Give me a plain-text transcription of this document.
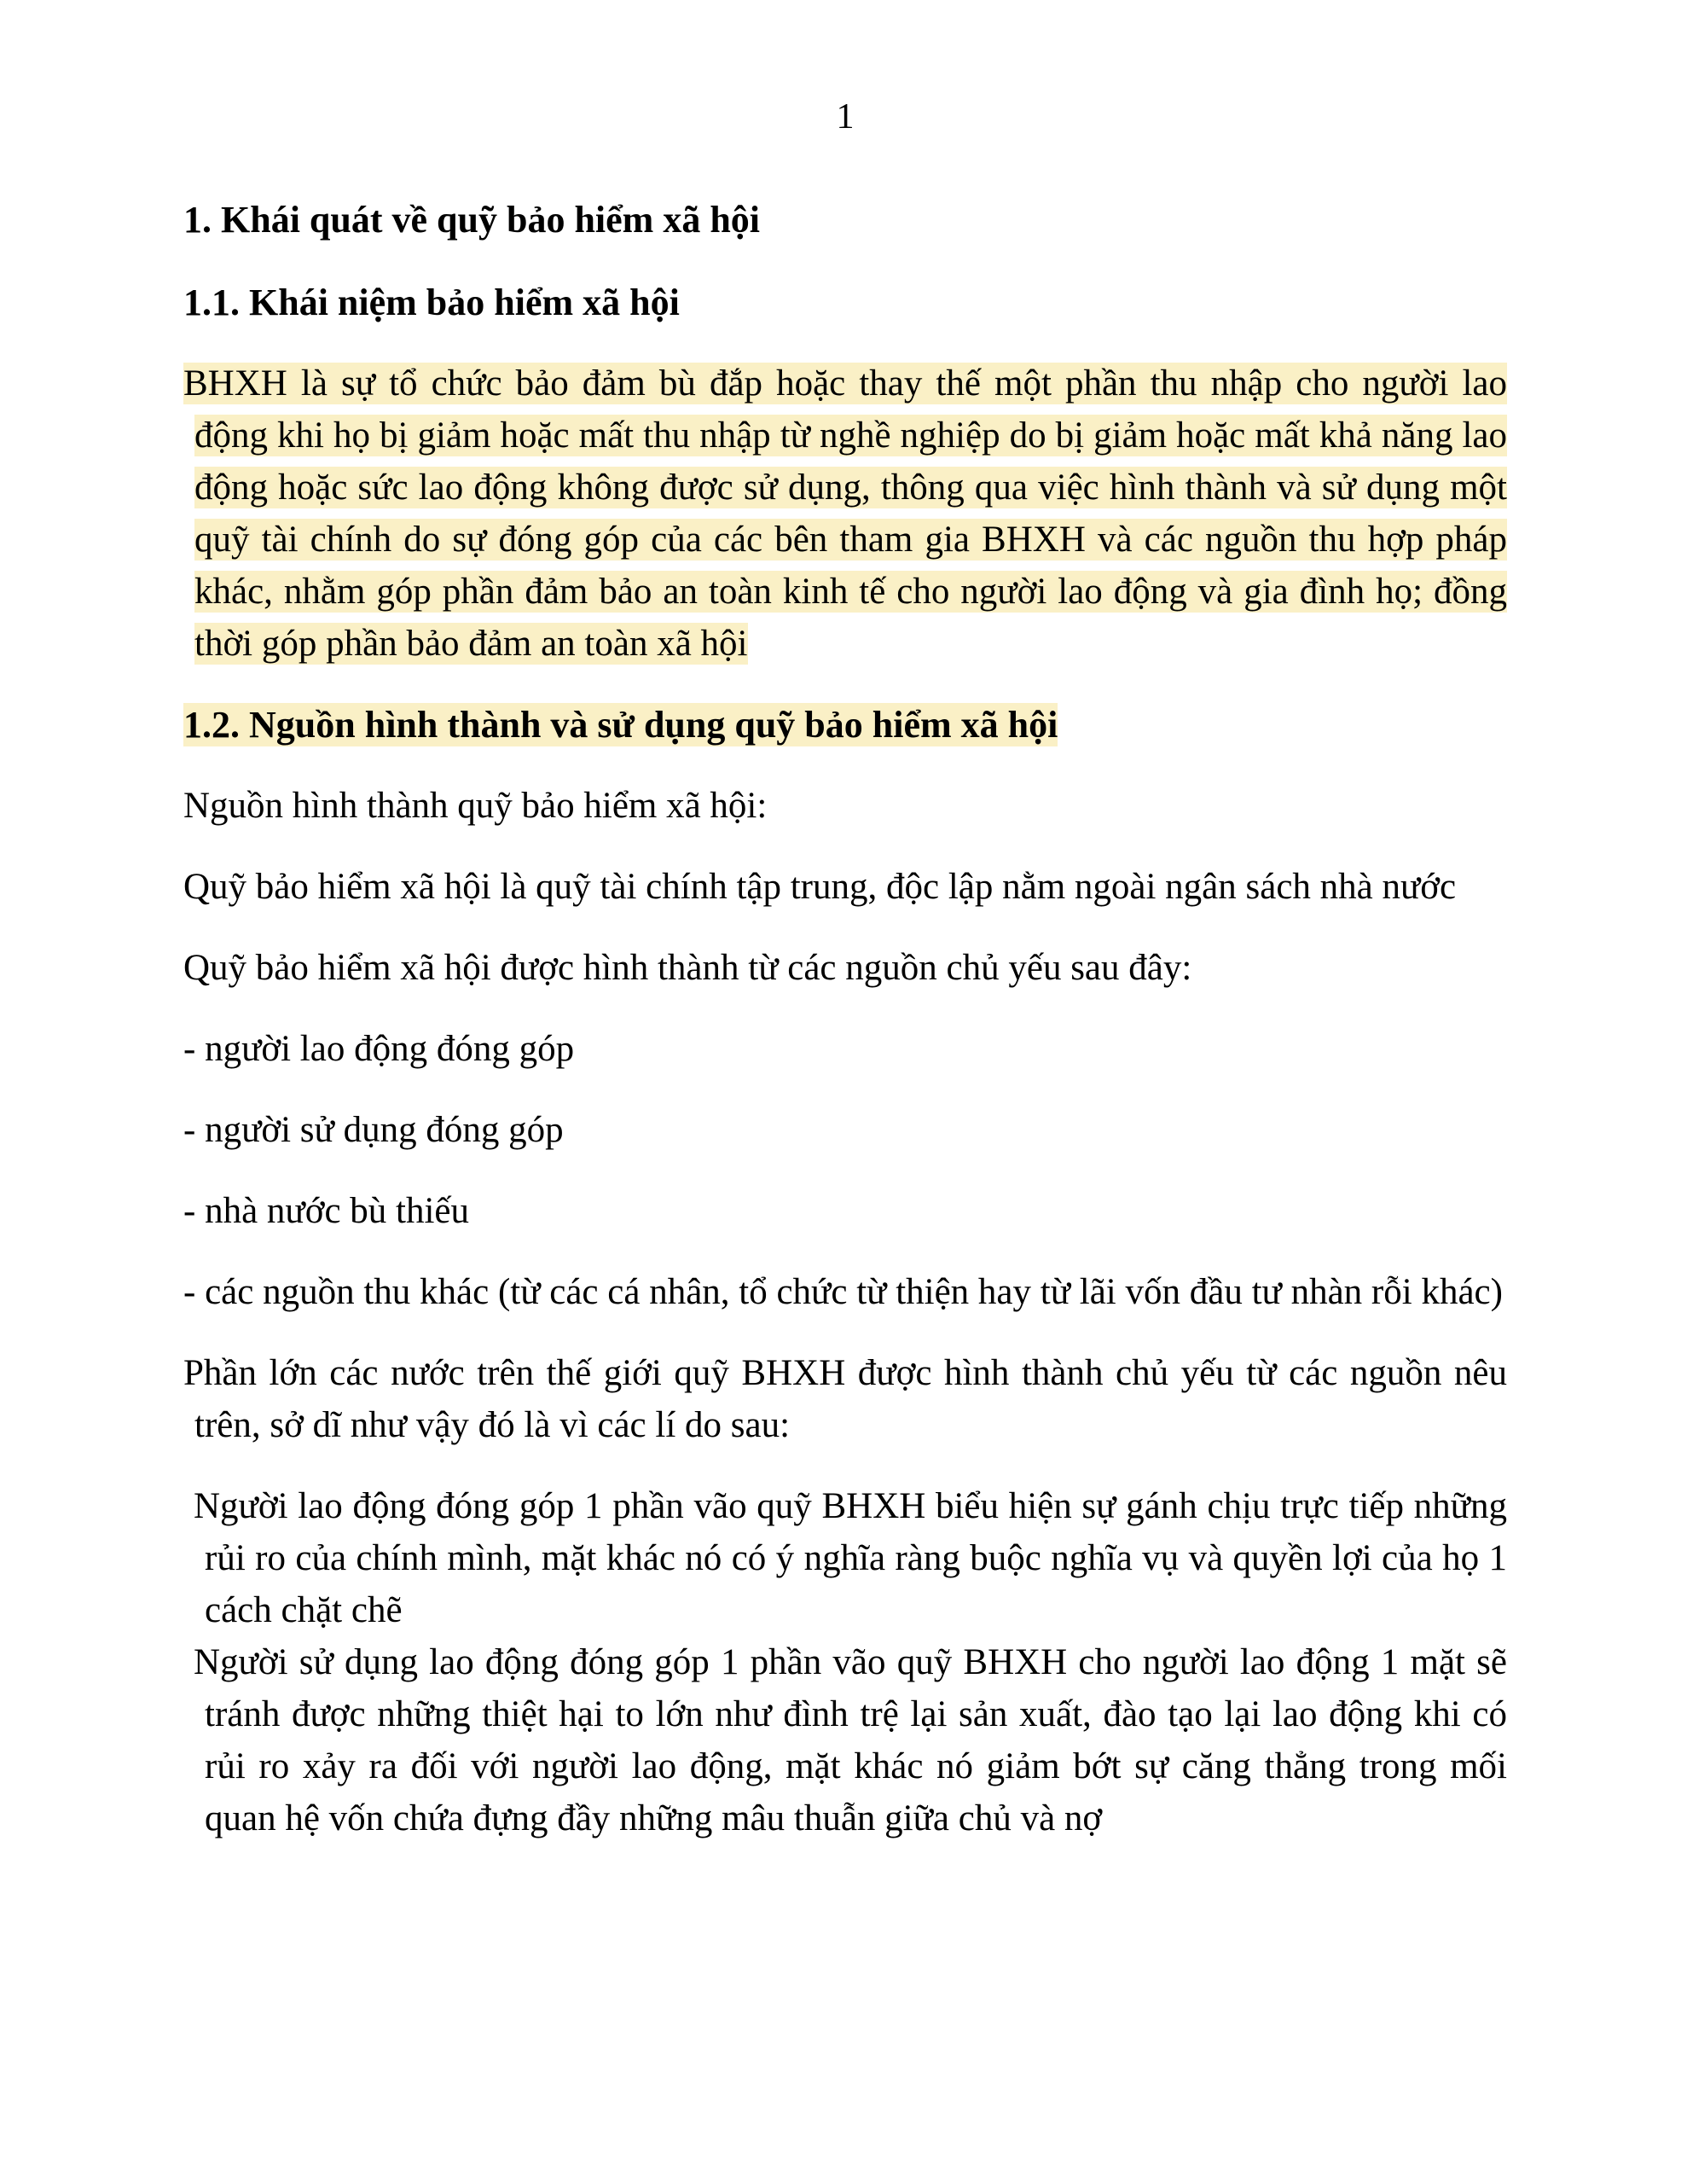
1
1. Khái quát về quỹ bảo hiểm xã hội
1.1. Khái niệm bảo hiểm xã hội

BHXH là sự tổ chức bảo đảm bù đắp hoặc thay thế một phần thu nhập cho người lao động khi họ bị giảm hoặc mất thu nhập từ nghề nghiệp do bị giảm hoặc mất khả năng lao động hoặc sức lao động không được sử dụng, thông qua việc hình thành và sử dụng một quỹ tài chính do sự đóng góp của các bên tham gia BHXH và các nguồn thu hợp pháp khác, nhằm góp phần đảm bảo an toàn kinh tế cho người lao động và gia đình họ; đồng thời góp phần bảo đảm an toàn xã hội

1.2. Nguồn hình thành và sử dụng quỹ bảo hiểm xã hội

Nguồn hình thành quỹ bảo hiểm xã hội:

Quỹ bảo hiểm xã hội là quỹ tài chính tập trung, độc lập nằm ngoài ngân sách nhà nước

Quỹ bảo hiểm xã hội được hình thành từ các nguồn chủ yếu sau đây:

- người lao động đóng góp

- người sử dụng đóng góp

- nhà nước bù thiếu

- các nguồn thu khác (từ các cá nhân, tổ chức từ thiện hay từ lãi vốn đầu tư nhàn rỗi khác)

Phần lớn các nước trên thế giới quỹ BHXH được hình thành chủ yếu từ các nguồn nêu trên, sở dĩ như vậy đó là vì các lí do sau:

Người lao động đóng góp 1 phần vão quỹ BHXH biểu hiện sự gánh chịu trực tiếp những rủi ro của chính mình, mặt khác nó có ý nghĩa ràng buộc nghĩa vụ và quyền lợi của họ 1 cách chặt chẽ

Người sử dụng lao động đóng góp 1 phần vão quỹ BHXH cho người lao động 1 mặt sẽ tránh được những thiệt hại to lớn như đình trệ lại sản xuất, đào tạo lại lao động khi có rủi ro xảy ra đối với người lao động, mặt khác nó giảm bớt sự căng thẳng trong mối quan hệ vốn chứa đựng đầy những mâu thuẫn giữa chủ và nợ
